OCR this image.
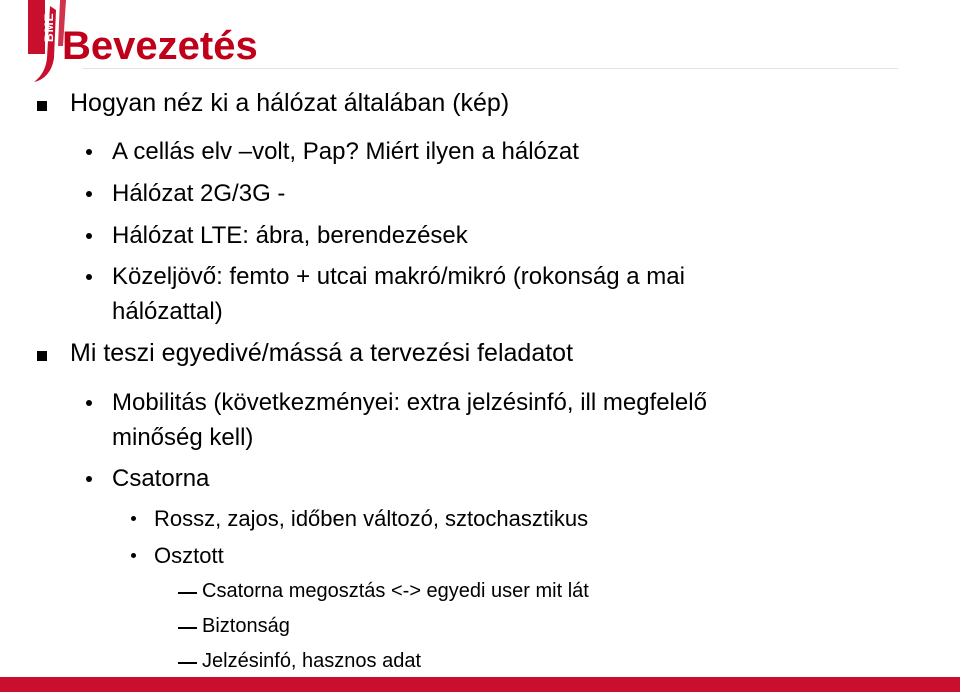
BME Bevezetés
Hogyan néz ki a hálózat általában (kép)
A cellás elv –volt, Pap? Miért ilyen a hálózat
Hálózat 2G/3G -
Hálózat LTE: ábra, berendezések
Közeljövő: femto + utcai makró/mikró (rokonság a mai
hálózattal)
Mi teszi egyedivé/mássá a tervezési feladatot
Mobilitás (következményei: extra jelzésinfó, ill megfelelő
minőség kell)
Csatorna
Rossz, zajos, időben változó, sztochasztikus
Osztott
Csatorna megosztás <-> egyedi user mit lát
Biztonság
Jelzésinfó, hasznos adat
